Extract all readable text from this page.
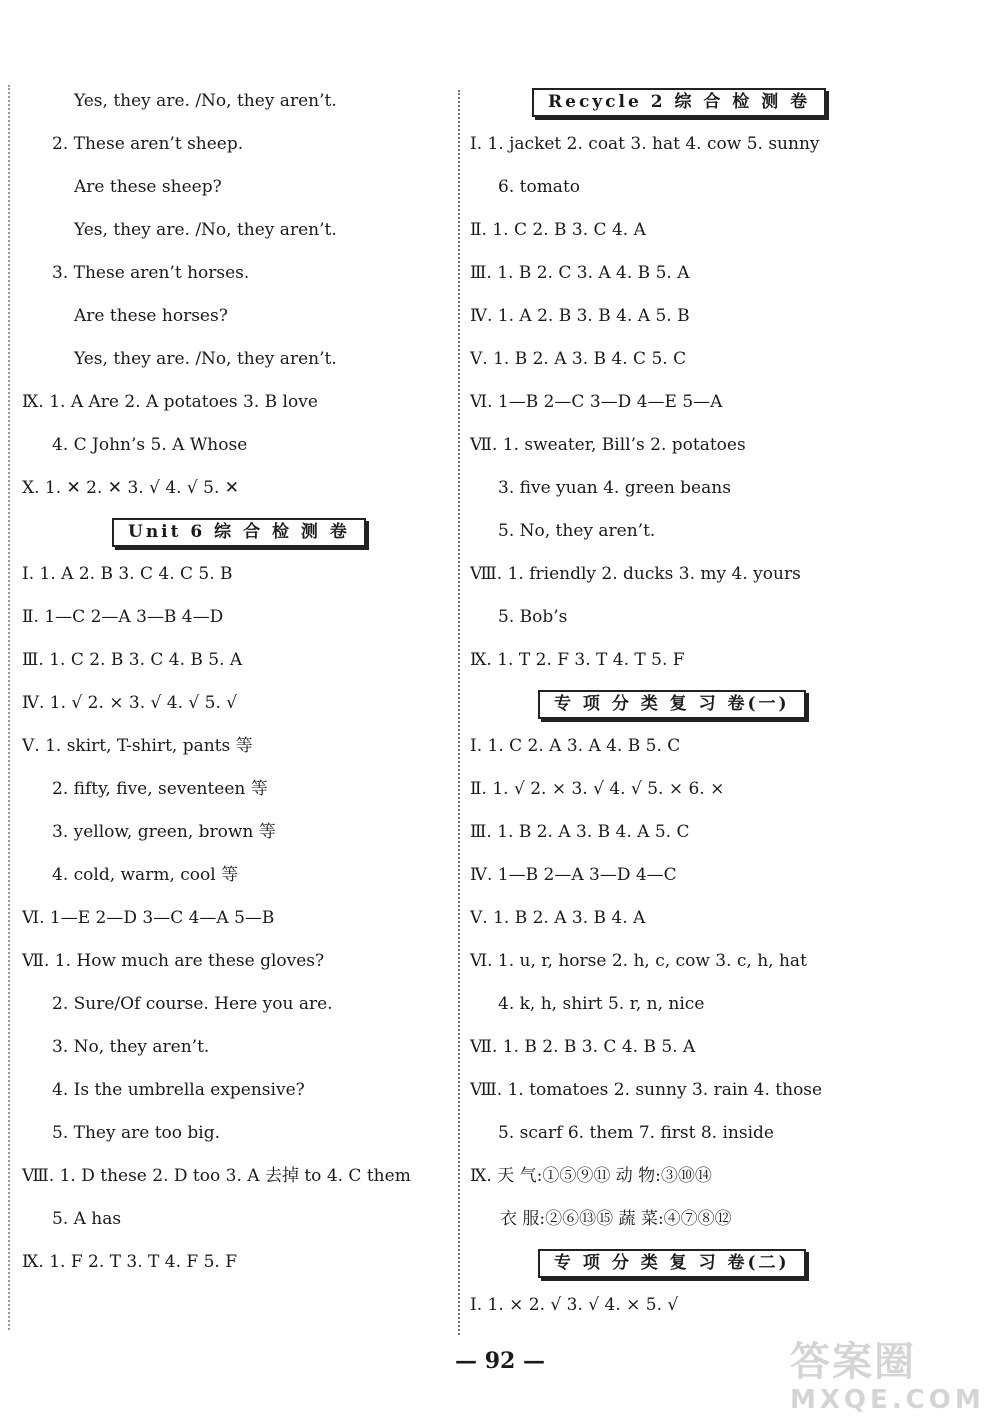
Yes, they are. /No, they aren’t.
2. These aren’t sheep.
Are these sheep?
Yes, they are. /No, they aren’t.
3. These aren’t horses.
Are these horses?
Yes, they are. /No, they aren’t.
Ⅸ. 1. A Are 2. A potatoes 3. B love
4. C John’s 5. A Whose
Ⅹ. 1. ✕ 2. ✕ 3. √ 4. √ 5. ✕
Unit 6 综 合 检 测 卷
Ⅰ. 1. A 2. B 3. C 4. C 5. B
Ⅱ. 1—C 2—A 3—B 4—D
Ⅲ. 1. C 2. B 3. C 4. B 5. A
Ⅳ. 1. √ 2. × 3. √ 4. √ 5. √
Ⅴ. 1. skirt, T-shirt, pants 等
2. fifty, five, seventeen 等
3. yellow, green, brown 等
4. cold, warm, cool 等
Ⅵ. 1—E 2—D 3—C 4—A 5—B
Ⅶ. 1. How much are these gloves?
2. Sure/Of course. Here you are.
3. No, they aren’t.
4. Is the umbrella expensive?
5. They are too big.
Ⅷ. 1. D these 2. D too 3. A 去掉 to 4. C them
5. A has
Ⅸ. 1. F 2. T 3. T 4. F 5. F
Recycle 2 综 合 检 测 卷
Ⅰ. 1. jacket 2. coat 3. hat 4. cow 5. sunny
6. tomato
Ⅱ. 1. C 2. B 3. C 4. A
Ⅲ. 1. B 2. C 3. A 4. B 5. A
Ⅳ. 1. A 2. B 3. B 4. A 5. B
Ⅴ. 1. B 2. A 3. B 4. C 5. C
Ⅵ. 1—B 2—C 3—D 4—E 5—A
Ⅶ. 1. sweater, Bill’s 2. potatoes
3. five yuan 4. green beans
5. No, they aren’t.
Ⅷ. 1. friendly 2. ducks 3. my 4. yours
5. Bob’s
Ⅸ. 1. T 2. F 3. T 4. T 5. F
专 项 分 类 复 习 卷(一)
Ⅰ. 1. C 2. A 3. A 4. B 5. C
Ⅱ. 1. √ 2. × 3. √ 4. √ 5. × 6. ×
Ⅲ. 1. B 2. A 3. B 4. A 5. C
Ⅳ. 1—B 2—A 3—D 4—C
Ⅴ. 1. B 2. A 3. B 4. A
Ⅵ. 1. u, r, horse 2. h, c, cow 3. c, h, hat
4. k, h, shirt 5. r, n, nice
Ⅶ. 1. B 2. B 3. C 4. B 5. A
Ⅷ. 1. tomatoes 2. sunny 3. rain 4. those
5. scarf 6. them 7. first 8. inside
Ⅸ. 天 气:①⑤⑨⑪ 动 物:③⑩⑭
衣 服:②⑥⑬⑮ 蔬 菜:④⑦⑧⑫
专 项 分 类 复 习 卷(二)
Ⅰ. 1. × 2. √ 3. √ 4. × 5. √
— 92 —	答案圈
MXQE.COM
